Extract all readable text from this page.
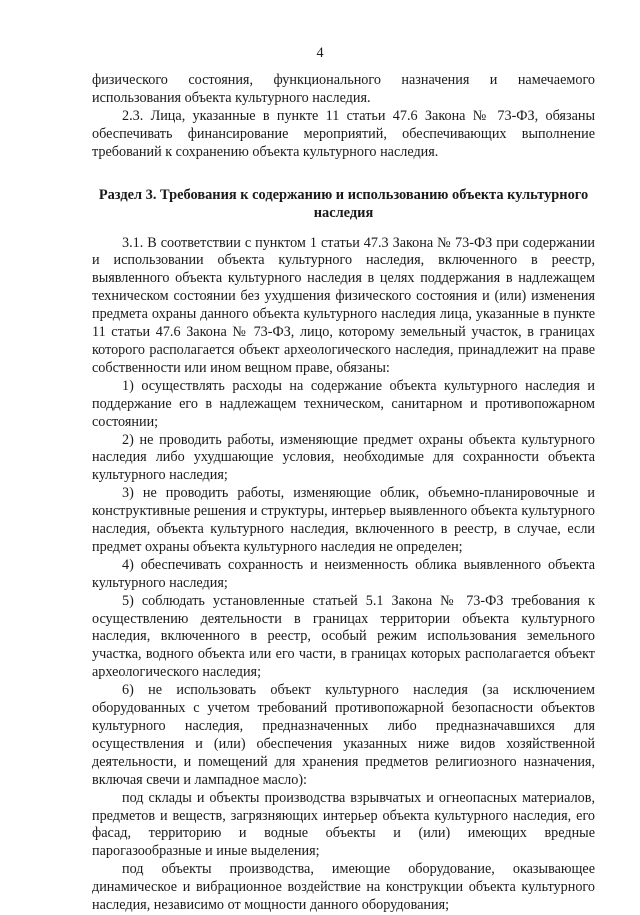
4

физического состояния, функционального назначения и намечаемого использования объекта культурного наследия.

2.3. Лица, указанные в пункте 11 статьи 47.6 Закона № 73-ФЗ, обязаны обеспечивать финансирование мероприятий, обеспечивающих выполнение требований к сохранению объекта культурного наследия.

Раздел 3. Требования к содержанию и использованию объекта культурного наследия

3.1. В соответствии с пунктом 1 статьи 47.3 Закона № 73-ФЗ при содержании и использовании объекта культурного наследия, включенного в реестр, выявленного объекта культурного наследия в целях поддержания в надлежащем техническом состоянии без ухудшения физического состояния и (или) изменения предмета охраны данного объекта культурного наследия лица, указанные в пункте 11 статьи 47.6 Закона № 73-ФЗ, лицо, которому земельный участок, в границах которого располагается объект археологического наследия, принадлежит на праве собственности или ином вещном праве, обязаны:

1) осуществлять расходы на содержание объекта культурного наследия и поддержание его в надлежащем техническом, санитарном и противопожарном состоянии;

2) не проводить работы, изменяющие предмет охраны объекта культурного наследия либо ухудшающие условия, необходимые для сохранности объекта культурного наследия;

3) не проводить работы, изменяющие облик, объемно-планировочные и конструктивные решения и структуры, интерьер выявленного объекта культурного наследия, объекта культурного наследия, включенного в реестр, в случае, если предмет охраны объекта культурного наследия не определен;

4) обеспечивать сохранность и неизменность облика выявленного объекта культурного наследия;

5) соблюдать установленные статьей 5.1 Закона № 73-ФЗ требования к осуществлению деятельности в границах территории объекта культурного наследия, включенного в реестр, особый режим использования земельного участка, водного объекта или его части, в границах которых располагается объект археологического наследия;

6) не использовать объект культурного наследия (за исключением оборудованных с учетом требований противопожарной безопасности объектов культурного наследия, предназначенных либо предназначавшихся для осуществления и (или) обеспечения указанных ниже видов хозяйственной деятельности, и помещений для хранения предметов религиозного назначения, включая свечи и лампадное масло):

под склады и объекты производства взрывчатых и огнеопасных материалов, предметов и веществ, загрязняющих интерьер объекта культурного наследия, его фасад, территорию и водные объекты и (или) имеющих вредные парогазообразные и иные выделения;

под объекты производства, имеющие оборудование, оказывающее динамическое и вибрационное воздействие на конструкции объекта культурного наследия, независимо от мощности данного оборудования;
